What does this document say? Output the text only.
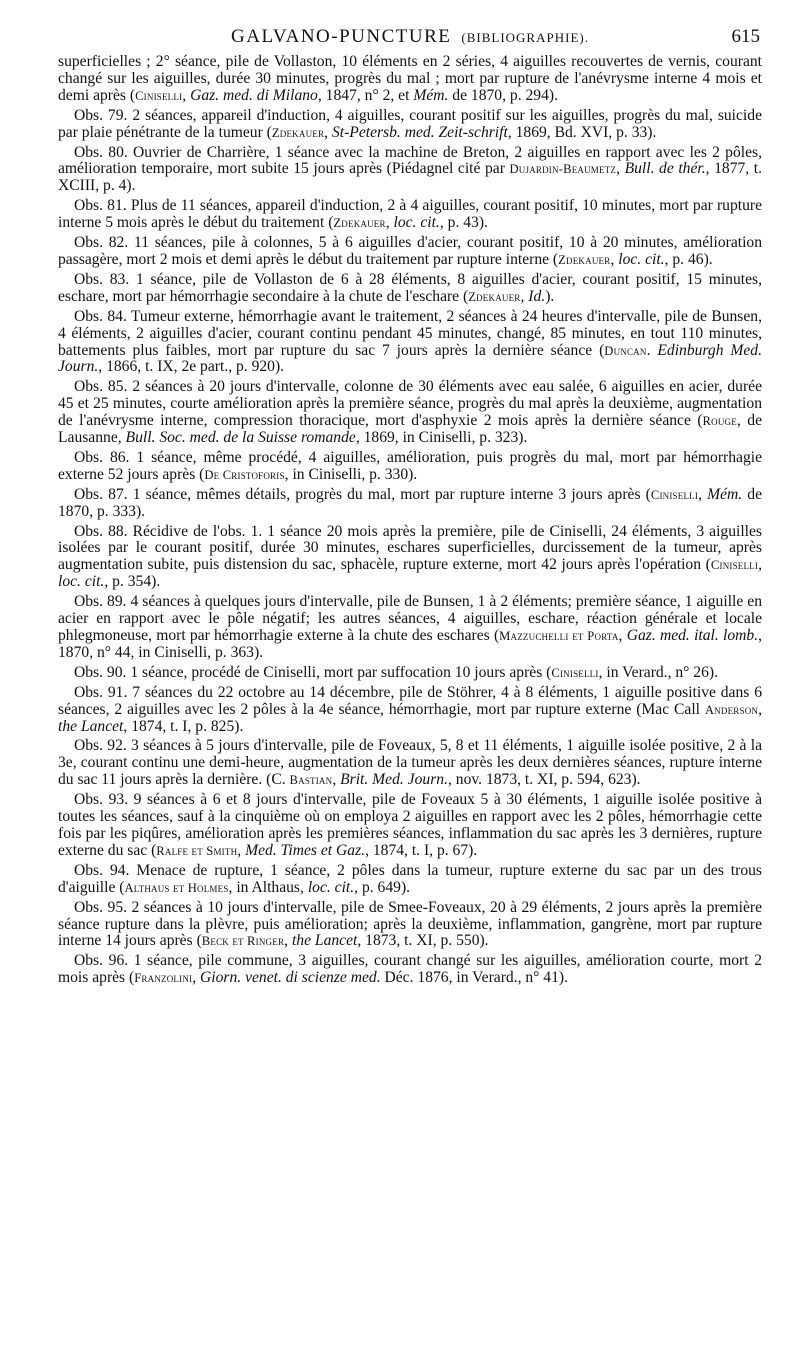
GALVANO-PUNCTURE (BIBLIOGRAPHIE).	615

superficielles ; 2° séance, pile de Vollaston, 10 éléments en 2 séries, 4 aiguilles recouvertes de vernis, courant changé sur les aiguilles, durée 30 minutes, progrès du mal ; mort par rupture de l'anévrysme interne 4 mois et demi après (Ciniselli, Gaz. med. di Milano, 1847, n° 2, et Mém. de 1870, p. 294).

Obs. 79. 2 séances, appareil d'induction, 4 aiguilles, courant positif sur les aiguilles, progrès du mal, suicide par plaie pénétrante de la tumeur (Zdekauer, St-Petersb. med. Zeit-schrift, 1869, Bd. XVI, p. 33).

Obs. 80. Ouvrier de Charrière, 1 séance avec la machine de Breton, 2 aiguilles en rapport avec les 2 pôles, amélioration temporaire, mort subite 15 jours après (Piédagnel cité par Dujardin-Beaumetz, Bull. de thér., 1877, t. XCIII, p. 4).

Obs. 81. Plus de 11 séances, appareil d'induction, 2 à 4 aiguilles, courant positif, 10 minutes, mort par rupture interne 5 mois après le début du traitement (Zdekauer, loc. cit., p. 43).

Obs. 82. 11 séances, pile à colonnes, 5 à 6 aiguilles d'acier, courant positif, 10 à 20 minutes, amélioration passagère, mort 2 mois et demi après le début du traitement par rupture interne (Zdekauer, loc. cit., p. 46).

Obs. 83. 1 séance, pile de Vollaston de 6 à 28 éléments, 8 aiguilles d'acier, courant positif, 15 minutes, eschare, mort par hémorrhagie secondaire à la chute de l'eschare (Zdekauer, Id.).

Obs. 84. Tumeur externe, hémorrhagie avant le traitement, 2 séances à 24 heures d'intervalle, pile de Bunsen, 4 éléments, 2 aiguilles d'acier, courant continu pendant 45 minutes, changé, 85 minutes, en tout 110 minutes, battements plus faibles, mort par rupture du sac 7 jours après la dernière séance (Duncan. Edinburgh Med. Journ., 1866, t. IX, 2e part., p. 920).

Obs. 85. 2 séances à 20 jours d'intervalle, colonne de 30 éléments avec eau salée, 6 aiguilles en acier, durée 45 et 25 minutes, courte amélioration après la première séance, progrès du mal après la deuxième, augmentation de l'anévrysme interne, compression thoracique, mort d'asphyxie 2 mois après la dernière séance (Rouge, de Lausanne, Bull. Soc. med. de la Suisse romande, 1869, in Ciniselli, p. 323).

Obs. 86. 1 séance, même procédé, 4 aiguilles, amélioration, puis progrès du mal, mort par hémorrhagie externe 52 jours après (De Cristoforis, in Ciniselli, p. 330).

Obs. 87. 1 séance, mêmes détails, progrès du mal, mort par rupture interne 3 jours après (Ciniselli, Mém. de 1870, p. 333).

Obs. 88. Récidive de l'obs. 1. 1 séance 20 mois après la première, pile de Ciniselli, 24 éléments, 3 aiguilles isolées par le courant positif, durée 30 minutes, eschares superficielles, durcissement de la tumeur, après augmentation subite, puis distension du sac, sphacèle, rupture externe, mort 42 jours après l'opération (Ciniselli, loc. cit., p. 354).

Obs. 89. 4 séances à quelques jours d'intervalle, pile de Bunsen, 1 à 2 éléments; première séance, 1 aiguille en acier en rapport avec le pôle négatif; les autres séances, 4 aiguilles, eschare, réaction générale et locale phlegmoneuse, mort par hémorrhagie externe à la chute des eschares (Mazzuchelli et Porta, Gaz. med. ital. lomb., 1870, n° 44, in Ciniselli, p. 363).

Obs. 90. 1 séance, procédé de Ciniselli, mort par suffocation 10 jours après (Ciniselli, in Verard., n° 26).

Obs. 91. 7 séances du 22 octobre au 14 décembre, pile de Stöhrer, 4 à 8 éléments, 1 aiguille positive dans 6 séances, 2 aiguilles avec les 2 pôles à la 4e séance, hémorrhagie, mort par rupture externe (Mac Call Anderson, the Lancet, 1874, t. I, p. 825).

Obs. 92. 3 séances à 5 jours d'intervalle, pile de Foveaux, 5, 8 et 11 éléments, 1 aiguille isolée positive, 2 à la 3e, courant continu une demi-heure, augmentation de la tumeur après les deux dernières séances, rupture interne du sac 11 jours après la dernière. (C. Bastian, Brit. Med. Journ., nov. 1873, t. XI, p. 594, 623).

Obs. 93. 9 séances à 6 et 8 jours d'intervalle, pile de Foveaux 5 à 30 éléments, 1 aiguille isolée positive à toutes les séances, sauf à la cinquième où on employa 2 aiguilles en rapport avec les 2 pôles, hémorrhagie cette fois par les piqûres, amélioration après les premières séances, inflammation du sac après les 3 dernières, rupture externe du sac (Ralfe et Smith, Med. Times et Gaz., 1874, t. I, p. 67).

Obs. 94. Menace de rupture, 1 séance, 2 pôles dans la tumeur, rupture externe du sac par un des trous d'aiguille (Althaus et Holmes, in Althaus, loc. cit., p. 649).

Obs. 95. 2 séances à 10 jours d'intervalle, pile de Smee-Foveaux, 20 à 29 éléments, 2 jours après la première séance rupture dans la plèvre, puis amélioration; après la deuxième, inflammation, gangrène, mort par rupture interne 14 jours après (Beck et Ringer, the Lancet, 1873, t. XI, p. 550).

Obs. 96. 1 séance, pile commune, 3 aiguilles, courant changé sur les aiguilles, amélioration courte, mort 2 mois après (Franzolini, Giorn. venet. di scienze med. Déc. 1876, in Verard., n° 41).
